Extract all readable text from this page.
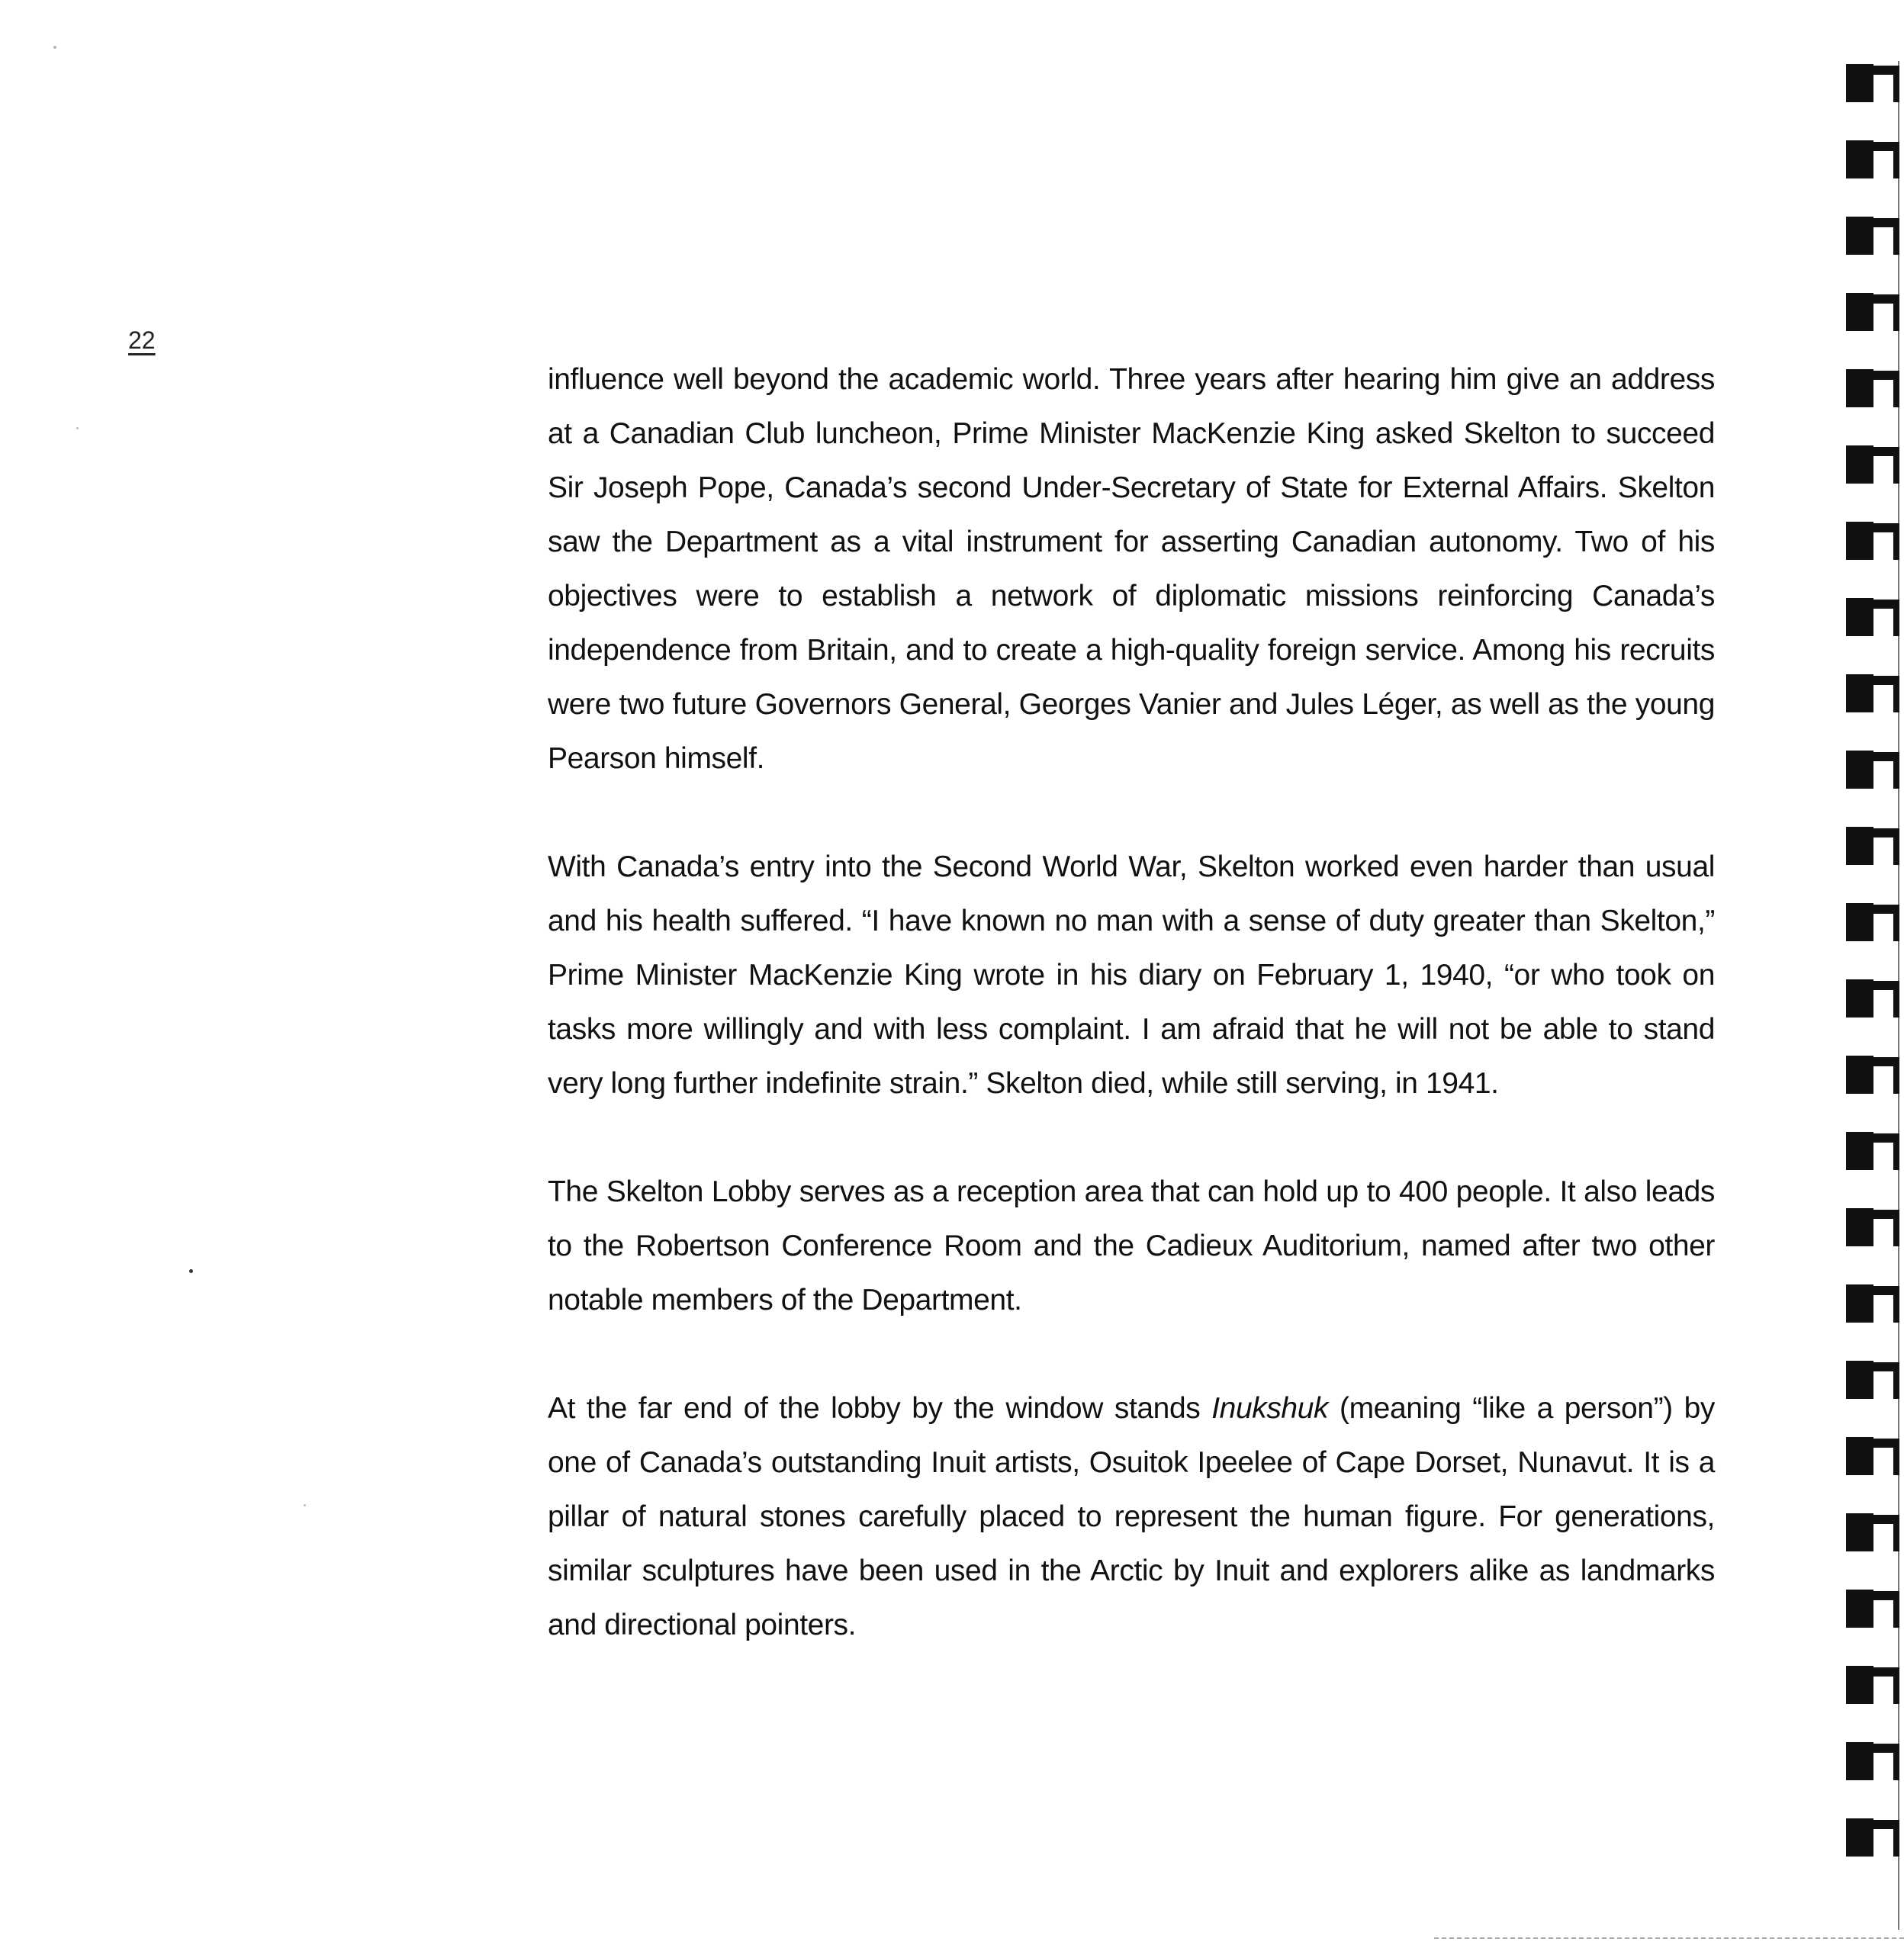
22

influence well beyond the academic world. Three years after hearing him give an address at a Canadian Club luncheon, Prime Minister MacKenzie King asked Skelton to succeed Sir Joseph Pope, Canada’s second Under-Secretary of State for External Affairs. Skelton saw the Department as a vital instrument for asserting Canadian autonomy. Two of his objectives were to establish a network of diplomatic missions reinforcing Canada’s independence from Britain, and to create a high-quality foreign service. Among his recruits were two future Governors General, Georges Vanier and Jules Léger, as well as the young Pearson himself.

With Canada’s entry into the Second World War, Skelton worked even harder than usual and his health suffered. “I have known no man with a sense of duty greater than Skelton,” Prime Minister MacKenzie King wrote in his diary on February 1, 1940, “or who took on tasks more willingly and with less complaint. I am afraid that he will not be able to stand very long further indefinite strain.” Skelton died, while still serving, in 1941.

The Skelton Lobby serves as a reception area that can hold up to 400 people. It also leads to the Robertson Conference Room and the Cadieux Auditorium, named after two other notable members of the Department.

At the far end of the lobby by the window stands Inukshuk (meaning “like a person”) by one of Canada’s outstanding Inuit artists, Osuitok Ipeelee of Cape Dorset, Nunavut. It is a pillar of natural stones carefully placed to represent the human figure. For generations, similar sculptures have been used in the Arctic by Inuit and explorers alike as landmarks and directional pointers.
